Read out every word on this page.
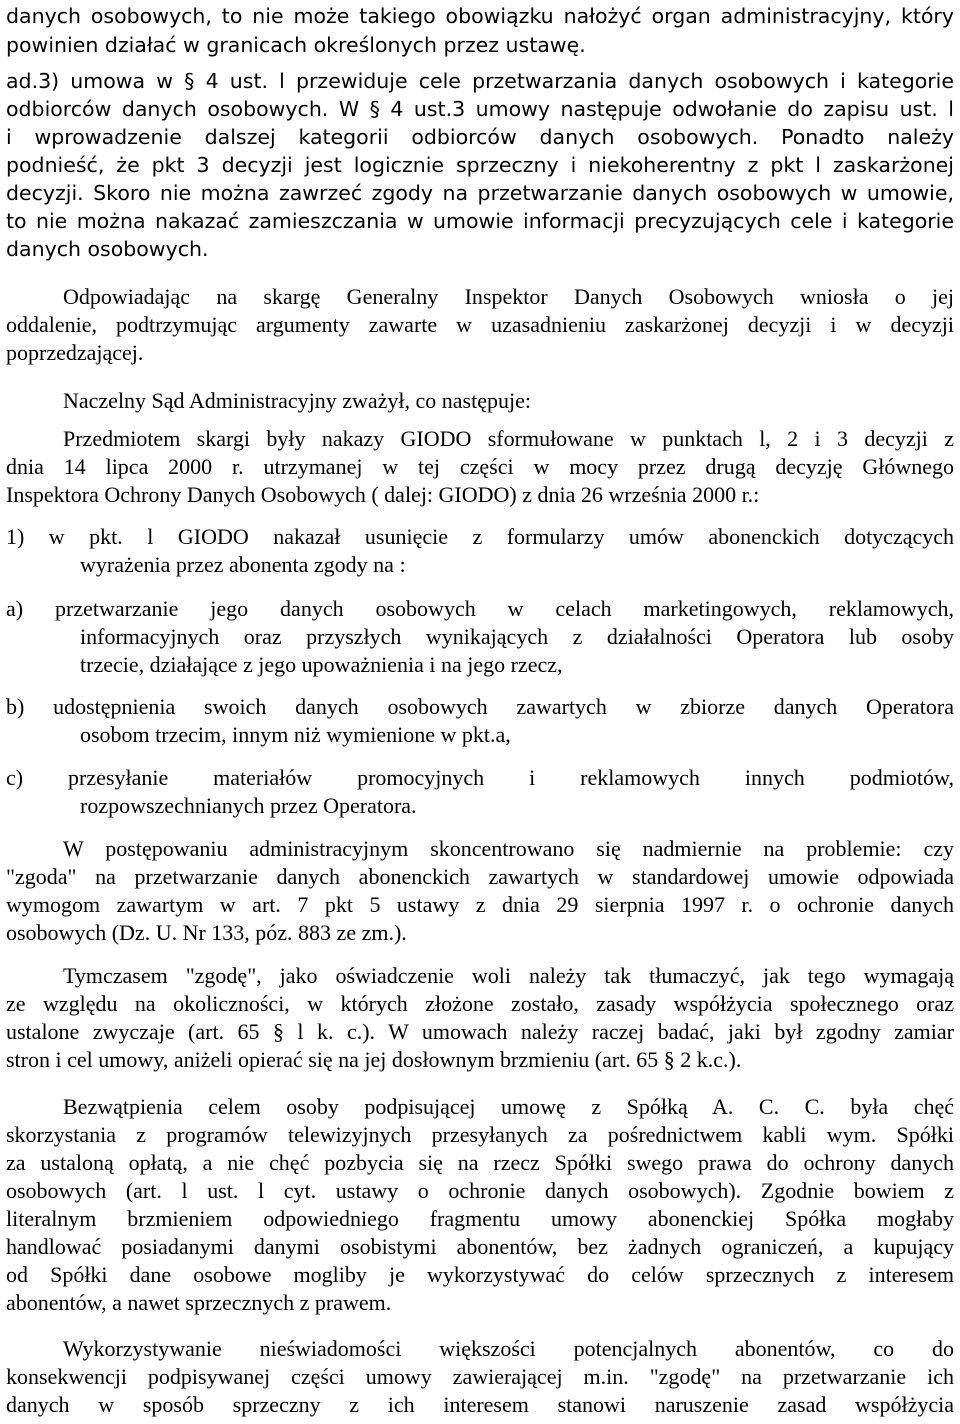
danych osobowych, to nie może takiego obowiązku nałożyć organ administracyjny, który
powinien działać w granicach określonych przez ustawę.
ad.3) umowa w § 4 ust. l przewiduje cele przetwarzania danych osobowych i kategorie
odbiorców danych osobowych. W § 4 ust.3 umowy następuje odwołanie do zapisu ust. l
i wprowadzenie dalszej kategorii odbiorców danych osobowych. Ponadto należy
podnieść, że pkt 3 decyzji jest logicznie sprzeczny i niekoherentny z pkt l zaskarżonej
decyzji. Skoro nie można zawrzeć zgody na przetwarzanie danych osobowych w umowie,
to nie można nakazać zamieszczania w umowie informacji precyzujących cele i kategorie
danych osobowych.
Odpowiadając na skargę Generalny Inspektor Danych Osobowych wniosła o jej
oddalenie, podtrzymując argumenty zawarte w uzasadnieniu zaskarżonej decyzji i w decyzji
poprzedzającej.
Naczelny Sąd Administracyjny zważył, co następuje:
Przedmiotem skargi były nakazy GIODO sformułowane w punktach l, 2 i 3 decyzji z
dnia 14 lipca 2000 r. utrzymanej w tej części w mocy przez drugą decyzję Głównego
Inspektora Ochrony Danych Osobowych ( dalej: GIODO) z dnia 26 września 2000 r.:
1) w pkt. l GIODO nakazał usunięcie z formularzy umów abonenckich dotyczących
wyrażenia przez abonenta zgody na :
a) przetwarzanie jego danych osobowych w celach marketingowych, reklamowych,
informacyjnych oraz przyszłych wynikających z działalności Operatora lub osoby
trzecie, działające z jego upoważnienia i na jego rzecz,
b) udostępnienia swoich danych osobowych zawartych w zbiorze danych Operatora
osobom trzecim, innym niż wymienione w pkt.a,
c) przesyłanie materiałów promocyjnych i reklamowych innych podmiotów,
rozpowszechnianych przez Operatora.
W postępowaniu administracyjnym skoncentrowano się nadmiernie na problemie: czy
"zgoda" na przetwarzanie danych abonenckich zawartych w standardowej umowie odpowiada
wymogom zawartym w art. 7 pkt 5 ustawy z dnia 29 sierpnia 1997 r. o ochronie danych
osobowych (Dz. U. Nr 133, póz. 883 ze zm.).
Tymczasem "zgodę", jako oświadczenie woli należy tak tłumaczyć, jak tego wymagają
ze względu na okoliczności, w których złożone zostało, zasady współżycia społecznego oraz
ustalone zwyczaje (art. 65 § l k. c.). W umowach należy raczej badać, jaki był zgodny zamiar
stron i cel umowy, aniżeli opierać się na jej dosłownym brzmieniu (art. 65 § 2 k.c.).
Bezwątpienia celem osoby podpisującej umowę z Spółką A. C. C. była chęć
skorzystania z programów telewizyjnych przesyłanych za pośrednictwem kabli wym. Spółki
za ustaloną opłatą, a nie chęć pozbycia się na rzecz Spółki swego prawa do ochrony danych
osobowych (art. l ust. l cyt. ustawy o ochronie danych osobowych). Zgodnie bowiem z
literalnym brzmieniem odpowiedniego fragmentu umowy abonenckiej Spółka mogłaby
handlować posiadanymi danymi osobistymi abonentów, bez żadnych ograniczeń, a kupujący
od Spółki dane osobowe mogliby je wykorzystywać do celów sprzecznych z interesem
abonentów, a nawet sprzecznych z prawem.
Wykorzystywanie nieświadomości większości potencjalnych abonentów, co do
konsekwencji podpisywanej części umowy zawierającej m.in. "zgodę" na przetwarzanie ich
danych w sposób sprzeczny z ich interesem stanowi naruszenie zasad współżycia
